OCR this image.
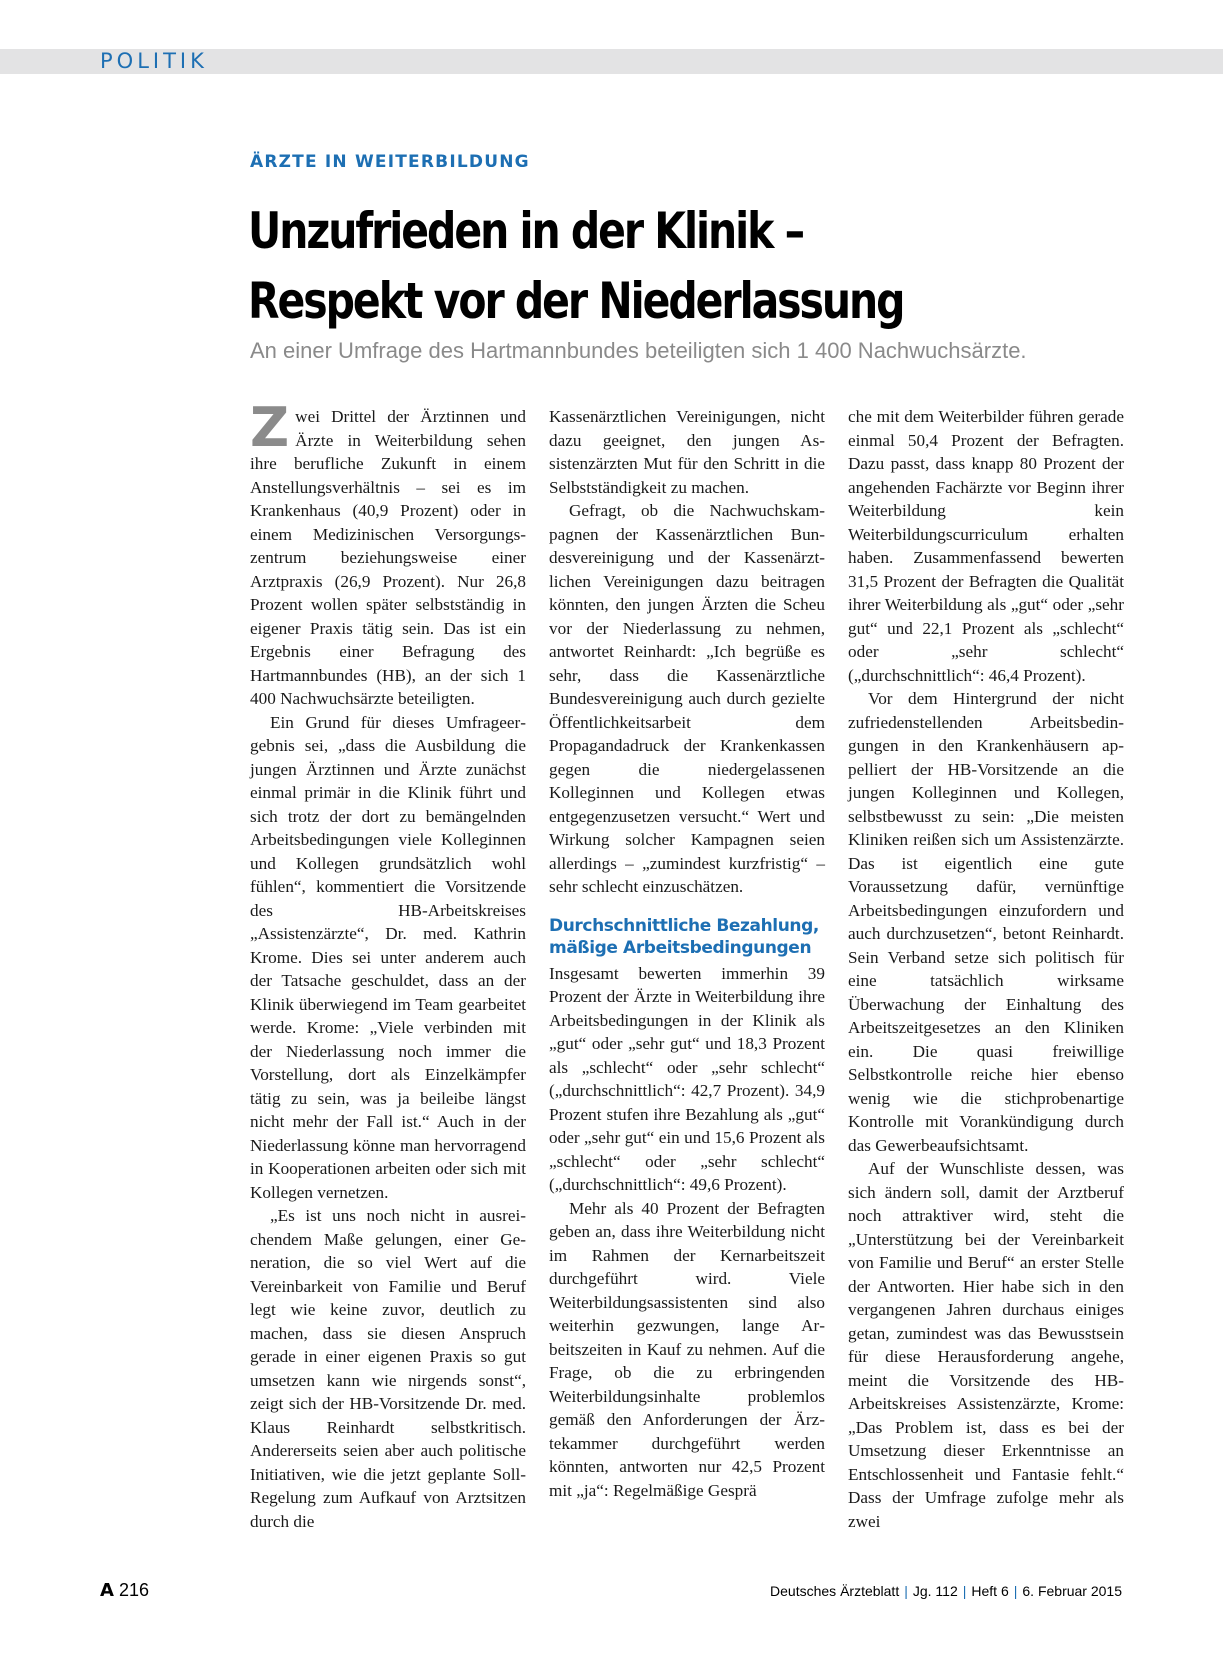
POLITIK
ÄRZTE IN WEITERBILDUNG
Unzufrieden in der Klinik –
Respekt vor der Niederlassung
An einer Umfrage des Hartmannbundes beteiligten sich 1 400 Nachwuchsärzte.

Zwei Drittel der Ärztinnen und Ärzte in Weiterbildung sehen ihre berufliche Zukunft in einem Anstellungsverhältnis – sei es im Krankenhaus (40,9 Prozent) oder in einem Medizinischen Versorgungszentrum beziehungsweise einer Arztpraxis (26,9 Prozent). Nur 26,8 Prozent wollen später selbstständig in eigener Praxis tätig sein. Das ist ein Ergebnis einer Befragung des Hartmannbundes (HB), an der sich 1 400 Nachwuchsärzte beteiligten.

Ein Grund für dieses Umfrageergebnis sei, „dass die Ausbildung die jungen Ärztinnen und Ärzte zunächst einmal primär in die Klinik führt und sich trotz der dort zu bemängelnden Arbeitsbedingungen viele Kolleginnen und Kollegen grundsätzlich wohl fühlen“, kommentiert die Vorsitzende des HB-Arbeitskreises „Assistenzärzte“, Dr. med. Kathrin Krome. Dies sei unter anderem auch der Tatsache geschuldet, dass an der Klinik überwiegend im Team gearbeitet werde. Krome: „Viele verbinden mit der Niederlassung noch immer die Vorstellung, dort als Einzelkämpfer tätig zu sein, was ja beileibe längst nicht mehr der Fall ist.“ Auch in der Niederlassung könne man hervorragend in Kooperationen arbeiten oder sich mit Kollegen vernetzen.

„Es ist uns noch nicht in ausreichendem Maße gelungen, einer Generation, die so viel Wert auf die Vereinbarkeit von Familie und Beruf legt wie keine zuvor, deutlich zu machen, dass sie diesen Anspruch gerade in einer eigenen Praxis so gut umsetzen kann wie nirgends sonst“, zeigt sich der HB-Vorsitzende Dr. med. Klaus Reinhardt selbstkritisch. Andererseits seien aber auch politische Initiativen, wie die jetzt geplante Soll-Regelung zum Aufkauf von Arztsitzen durch die

Kassenärztlichen Vereinigungen, nicht dazu geeignet, den jungen Assistenzärzten Mut für den Schritt in die Selbstständigkeit zu machen.

Gefragt, ob die Nachwuchskampagnen der Kassenärztlichen Bundesvereinigung und der Kassenärztlichen Vereinigungen dazu beitragen könnten, den jungen Ärzten die Scheu vor der Niederlassung zu nehmen, antwortet Reinhardt: „Ich begrüße es sehr, dass die Kassenärztliche Bundesvereinigung auch durch gezielte Öffentlichkeitsarbeit dem Propagandadruck der Krankenkassen gegen die niedergelassenen Kolleginnen und Kollegen etwas entgegenzusetzen versucht.“ Wert und Wirkung solcher Kampagnen seien allerdings – „zumindest kurzfristig“ – sehr schlecht einzuschätzen.

Durchschnittliche Bezahlung,
mäßige Arbeitsbedingungen

Insgesamt bewerten immerhin 39 Prozent der Ärzte in Weiterbildung ihre Arbeitsbedingungen in der Klinik als „gut“ oder „sehr gut“ und 18,3 Prozent als „schlecht“ oder „sehr schlecht“ („durchschnittlich“: 42,7 Prozent). 34,9 Prozent stufen ihre Bezahlung als „gut“ oder „sehr gut“ ein und 15,6 Prozent als „schlecht“ oder „sehr schlecht“ („durchschnittlich“: 49,6 Prozent).

Mehr als 40 Prozent der Befragten geben an, dass ihre Weiterbildung nicht im Rahmen der Kernarbeitszeit durchgeführt wird. Viele Weiterbildungsassistenten sind also weiterhin gezwungen, lange Arbeitszeiten in Kauf zu nehmen. Auf die Frage, ob die zu erbringenden Weiterbildungsinhalte problemlos gemäß den Anforderungen der Ärztekammer durchgeführt werden könnten, antworten nur 42,5 Prozent mit „ja“: Regelmäßige Gesprä

che mit dem Weiterbilder führen gerade einmal 50,4 Prozent der Befragten. Dazu passt, dass knapp 80 Prozent der angehenden Fachärzte vor Beginn ihrer Weiterbildung kein Weiterbildungscurriculum erhalten haben. Zusammenfassend bewerten 31,5 Prozent der Befragten die Qualität ihrer Weiterbildung als „gut“ oder „sehr gut“ und 22,1 Prozent als „schlecht“ oder „sehr schlecht“ („durchschnittlich“: 46,4 Prozent).

Vor dem Hintergrund der nicht zufriedenstellenden Arbeitsbedingungen in den Krankenhäusern appelliert der HB-Vorsitzende an die jungen Kolleginnen und Kollegen, selbstbewusst zu sein: „Die meisten Kliniken reißen sich um Assistenzärzte. Das ist eigentlich eine gute Voraussetzung dafür, vernünftige Arbeitsbedingungen einzufordern und auch durchzusetzen“, betont Reinhardt. Sein Verband setze sich politisch für eine tatsächlich wirksame Überwachung der Einhaltung des Arbeitszeitgesetzes an den Kliniken ein. Die quasi freiwillige Selbstkontrolle reiche hier ebenso wenig wie die stichprobenartige Kontrolle mit Vorankündigung durch das Gewerbeaufsichtsamt.

Auf der Wunschliste dessen, was sich ändern soll, damit der Arztberuf noch attraktiver wird, steht die „Unterstützung bei der Vereinbarkeit von Familie und Beruf“ an erster Stelle der Antworten. Hier habe sich in den vergangenen Jahren durchaus einiges getan, zumindest was das Bewusstsein für diese Herausforderung angehe, meint die Vorsitzende des HB-Arbeitskreises Assistenzärzte, Krome: „Das Problem ist, dass es bei der Umsetzung dieser Erkenntnisse an Entschlossenheit und Fantasie fehlt.“ Dass der Umfrage zufolge mehr als zwei

A 216	Deutsches Ärzteblatt | Jg. 112 | Heft 6 | 6. Februar 2015
